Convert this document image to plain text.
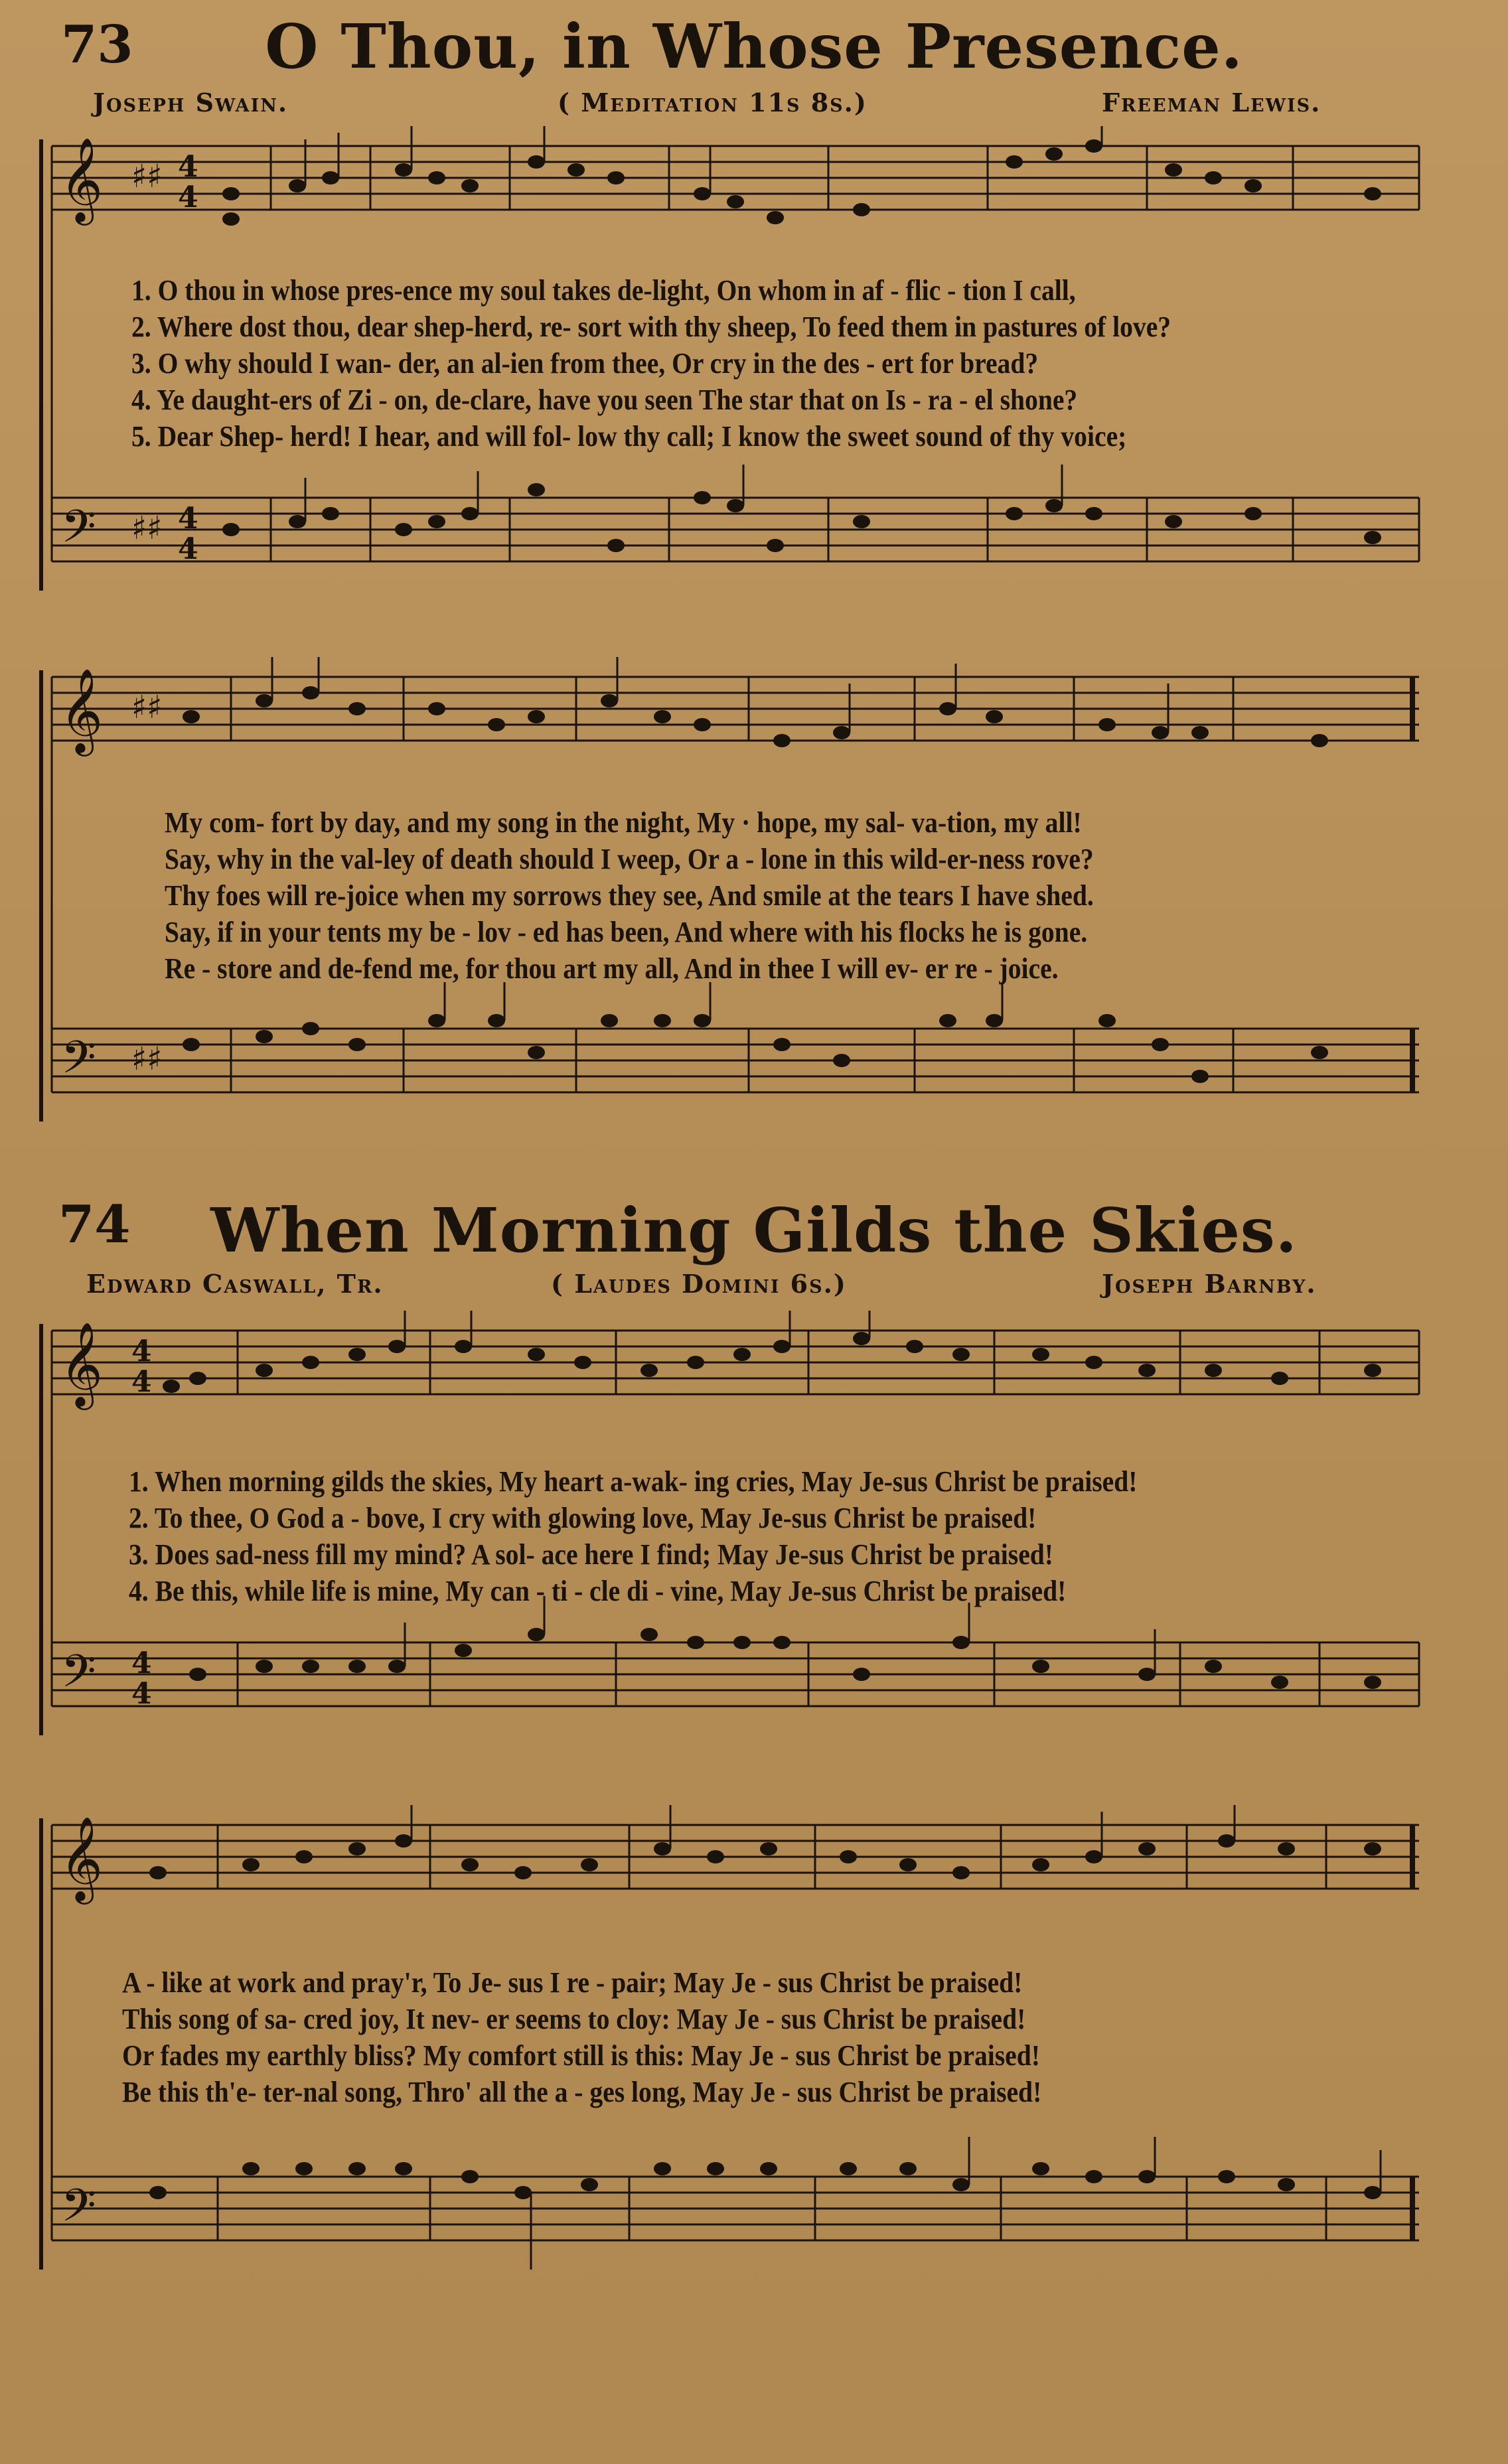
73	O Thou, in Whose Presence.
Joseph Swain.	( Meditation 11s 8s.)	Freeman Lewis.
𝄞 ♯♯ 4
4
𝄢 ♯♯ 4
4
1. O thou in whose pres-ence my soul takes de-light, On whom in af - flic - tion I call,
2. Where dost thou, dear shep-herd, re- sort with thy sheep, To feed them in pastures of love?
3. O why should I wan- der, an al-ien from thee, Or cry in the des - ert for bread?
4. Ye daught-ers of Zi - on, de-clare, have you seen The star that on Is - ra - el shone?
5. Dear Shep- herd! I hear, and will fol- low thy call; I know the sweet sound of thy voice;
𝄞 ♯♯
𝄢 ♯♯
My com- fort by day, and my song in the night, My · hope, my sal- va-tion, my all!
Say, why in the val-ley of death should I weep, Or a - lone in this wild-er-ness rove?
Thy foes will re-joice when my sorrows they see, And smile at the tears I have shed.
Say, if in your tents my be - lov - ed has been, And where with his flocks he is gone.
Re - store and de-fend me, for thou art my all, And in thee I will ev- er re - joice.
74	When Morning Gilds the Skies.
Edward Caswall, Tr.	( Laudes Domini 6s.)	Joseph Barnby.
𝄞 4
4
𝄢 4
4
1. When morning gilds the skies, My heart a-wak- ing cries, May Je-sus Christ be praised!
2. To thee, O God a - bove, I cry with glowing love, May Je-sus Christ be praised!
3. Does sad-ness fill my mind? A sol- ace here I find; May Je-sus Christ be praised!
4. Be this, while life is mine, My can - ti - cle di - vine, May Je-sus Christ be praised!
𝄞
𝄢
A - like at work and pray'r, To Je- sus I re - pair; May Je - sus Christ be praised!
This song of sa- cred joy, It nev- er seems to cloy: May Je - sus Christ be praised!
Or fades my earthly bliss? My comfort still is this: May Je - sus Christ be praised!
Be this th'e- ter-nal song, Thro' all the a - ges long, May Je - sus Christ be praised!
